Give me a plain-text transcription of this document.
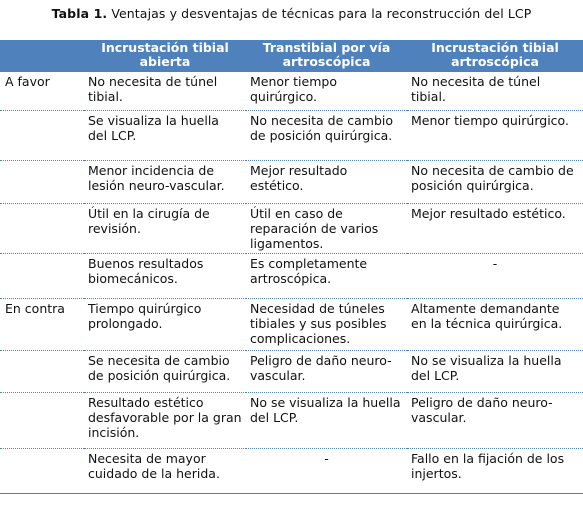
Tabla 1. Ventajas y desventajas de técnicas para la reconstrucción del LCP
	Incrustación tibial abierta	Transtibial por vía artroscópica	Incrustación tibial artroscópica
A favor	No necesita de túnel tibial.	Menor tiempo quirúrgico.	No necesita de túnel tibial.
	Se visualiza la huella del LCP.	No necesita de cambio de posición quirúrgica.	Menor tiempo quirúrgico.
	Menor incidencia de lesión neuro-vascular.	Mejor resultado estético.	No necesita de cambio de posición quirúrgica.
	Útil en la cirugía de revisión.	Útil en caso de reparación de varios ligamentos.	Mejor resultado estético.
	Buenos resultados biomecánicos.	Es completamente artroscópica.	-
En contra	Tiempo quirúrgico prolongado.	Necesidad de túneles tibiales y sus posibles complicaciones.	Altamente demandante en la técnica quirúrgica.
	Se necesita de cambio de posición quirúrgica.	Peligro de daño neuro-vascular.	No se visualiza la huella del LCP.
	Resultado estético desfavorable por la gran incisión.	No se visualiza la huella del LCP.	Peligro de daño neuro-vascular.
	Necesita de mayor cuidado de la herida.	-	Fallo en la fijación de los injertos.
